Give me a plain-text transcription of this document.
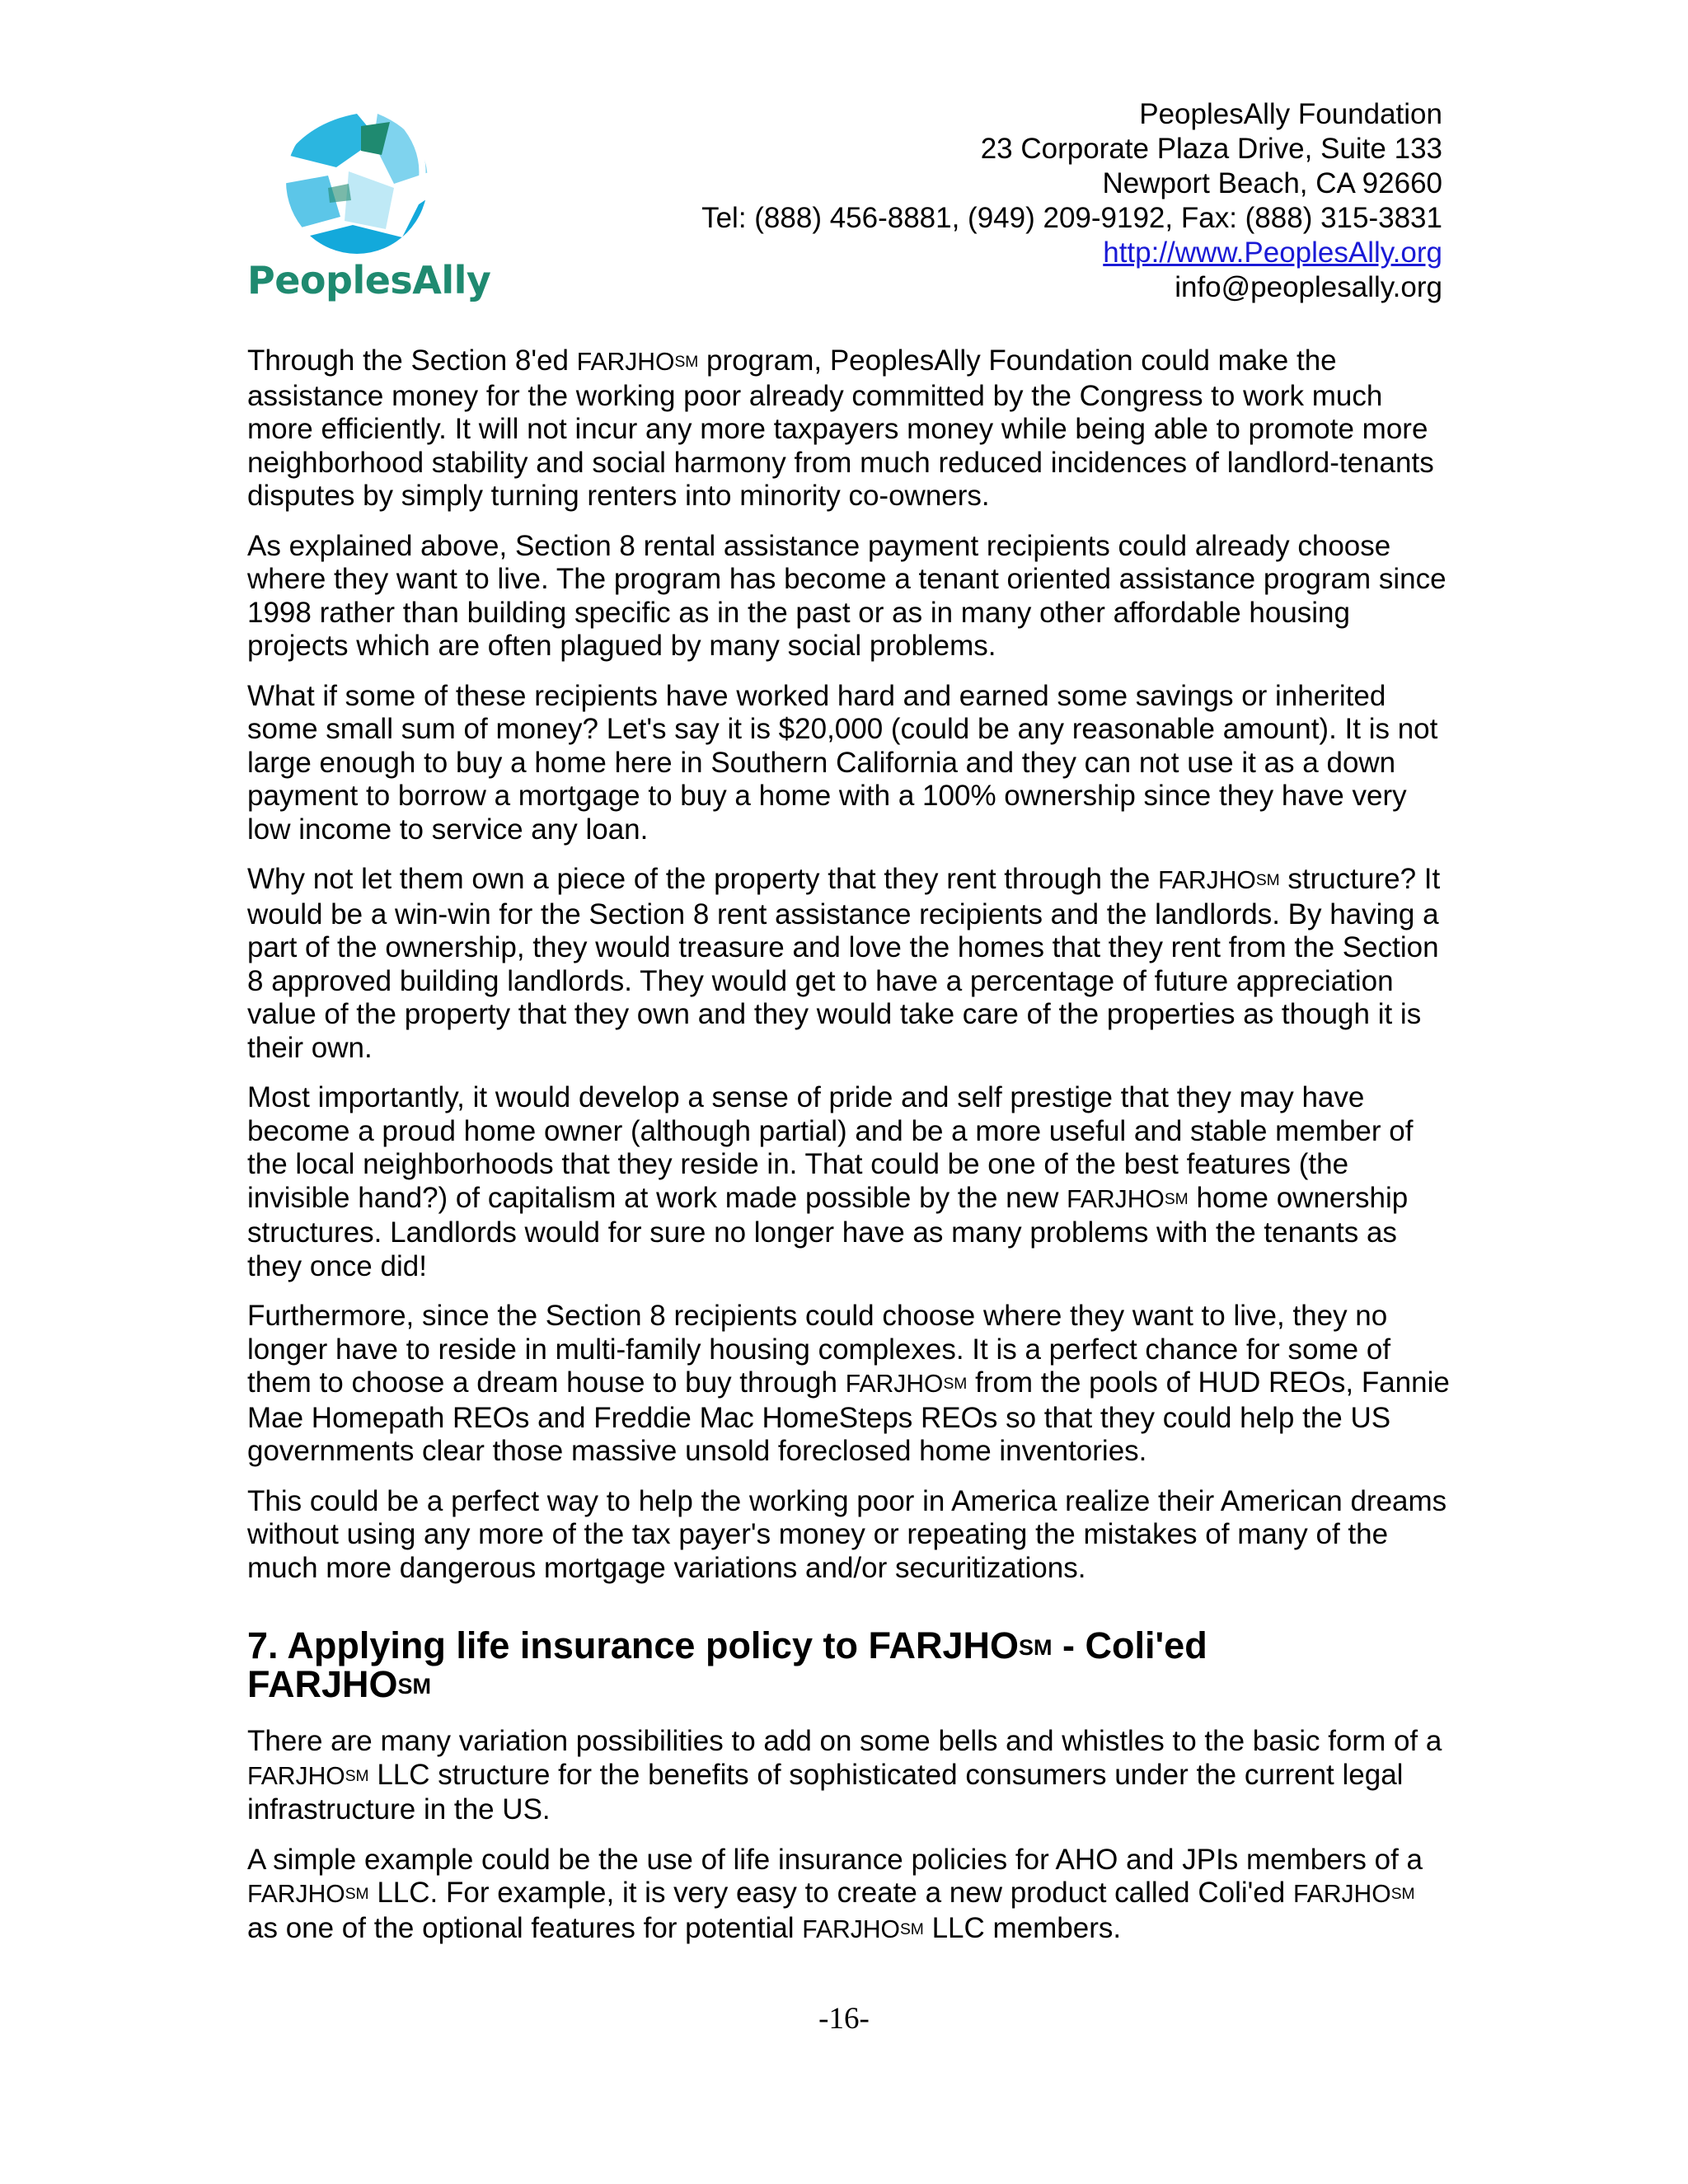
PeoplesAlly
PeoplesAlly Foundation
23 Corporate Plaza Drive, Suite 133
Newport Beach, CA 92660
Tel: (888) 456-8881, (949) 209-9192, Fax: (888) 315-3831
http://www.PeoplesAlly.org
info@peoplesally.org

Through the Section 8'ed FARJHO℠ program, PeoplesAlly Foundation could make the assistance money for the working poor already committed by the Congress to work much more efficiently. It will not incur any more taxpayers money while being able to promote more neighborhood stability and social harmony from much reduced incidences of landlord-tenants disputes by simply turning renters into minority co-owners.

As explained above, Section 8 rental assistance payment recipients could already choose where they want to live. The program has become a tenant oriented assistance program since 1998 rather than building specific as in the past or as in many other affordable housing projects which are often plagued by many social problems.

What if some of these recipients have worked hard and earned some savings or inherited some small sum of money? Let's say it is $20,000 (could be any reasonable amount). It is not large enough to buy a home here in Southern California and they can not use it as a down payment to borrow a mortgage to buy a home with a 100% ownership since they have very low income to service any loan.

Why not let them own a piece of the property that they rent through the FARJHO℠ structure? It would be a win-win for the Section 8 rent assistance recipients and the landlords. By having a part of the ownership, they would treasure and love the homes that they rent from the Section 8 approved building landlords. They would get to have a percentage of future appreciation value of the property that they own and they would take care of the properties as though it is their own.

Most importantly, it would develop a sense of pride and self prestige that they may have become a proud home owner (although partial) and be a more useful and stable member of the local neighborhoods that they reside in. That could be one of the best features (the invisible hand?) of capitalism at work made possible by the new FARJHO℠ home ownership structures. Landlords would for sure no longer have as many problems with the tenants as they once did!

Furthermore, since the Section 8 recipients could choose where they want to live, they no longer have to reside in multi-family housing complexes. It is a perfect chance for some of them to choose a dream house to buy through FARJHO℠ from the pools of HUD REOs, Fannie Mae Homepath REOs and Freddie Mac HomeSteps REOs so that they could help the US governments clear those massive unsold foreclosed home inventories.

This could be a perfect way to help the working poor in America realize their American dreams without using any more of the tax payer's money or repeating the mistakes of many of the much more dangerous mortgage variations and/or securitizations.

7. Applying life insurance policy to FARJHO℠ - Coli'ed
FARJHO℠

There are many variation possibilities to add on some bells and whistles to the basic form of a FARJHO℠ LLC structure for the benefits of sophisticated consumers under the current legal infrastructure in the US.

A simple example could be the use of life insurance policies for AHO and JPIs members of a FARJHO℠ LLC. For example, it is very easy to create a new product called Coli'ed FARJHO℠ as one of the optional features for potential FARJHO℠ LLC members.

-16-
